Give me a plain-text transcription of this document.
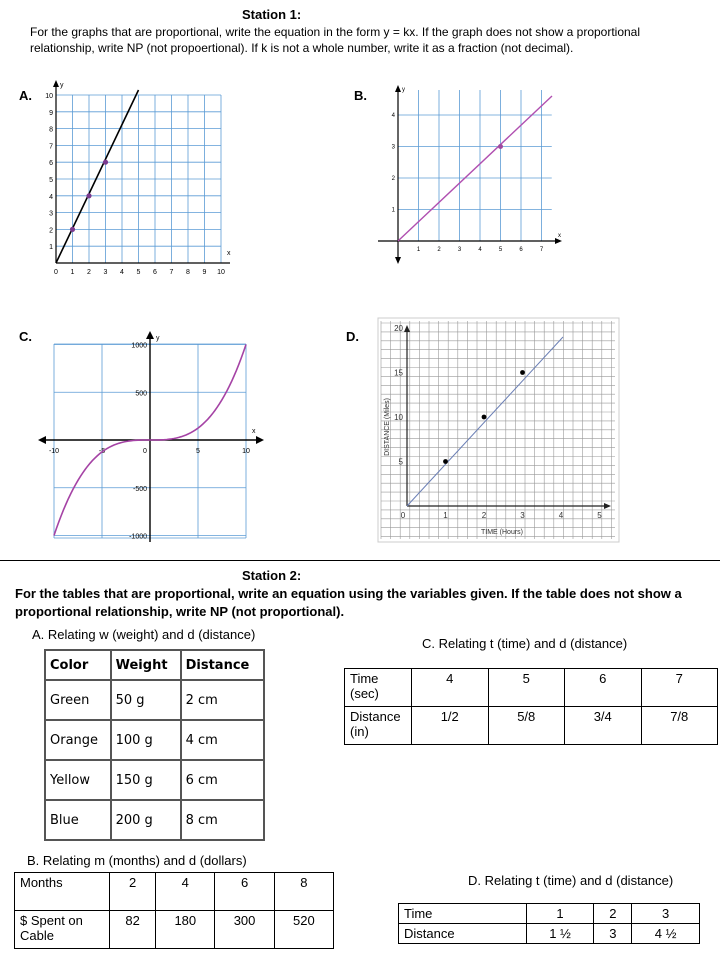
Station 1:
For the graphs that are proportional, write the equation in the form y = kx. If the graph does not show a proportional relationship, write NP (not propoertional). If k is not a whole number, write it as a fraction (not decimal).
A.
y
x
0 1 2 3 4 5 6 7 8 9 10
1
2
3
4
5
6
7
8
9
10	B.	y
x
1	2	3	4	5	6	7
1
2
3
4
C.	y
x
-10	-5	0	5	10
1000
500
-500
-1000
D.
DISTANCE (Miles)
TIME (Hours)
0	1	2	3	4	5
5
10
15
20
Station 2:
For the tables that are proportional, write an equation using the variables given. If the table does not show a proportional relationship, write NP (not proportional).
A. Relating w (weight) and d (distance)
Color	Weight	Distance
Green	50 g	2 cm
Orange	100 g	4 cm
Yellow	150 g	6 cm
Blue	200 g	8 cm
C. Relating t (time) and d (distance)
Time (sec)	4	5	6	7
Distance (in)	1/2	5/8	3/4	7/8
B. Relating m (months) and d (dollars)
Months	2	4	6	8
$ Spent on Cable	82	180	300	520
D. Relating t (time) and d (distance)
Time	1	2	3
Distance	1 ½	3	4 ½
